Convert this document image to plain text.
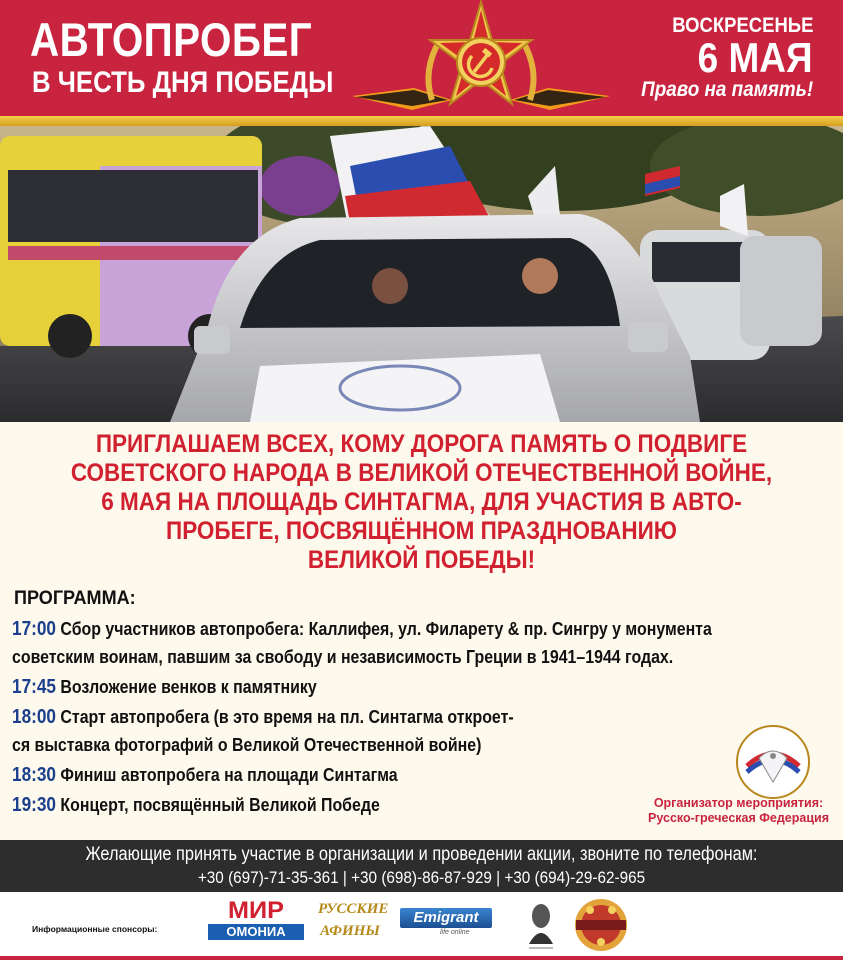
АВТОПРОБЕГ
В ЧЕСТЬ ДНЯ ПОБЕДЫ
ВОСКРЕСЕНЬЕ
6 МАЯ
Право на память!
ПРИГЛАШАЕМ ВСЕХ, КОМУ ДОРОГА ПАМЯТЬ О ПОДВИГЕ
СОВЕТСКОГО НАРОДА В ВЕЛИКОЙ ОТЕЧЕСТВЕННОЙ ВОЙНЕ,
6 МАЯ НА ПЛОЩАДЬ СИНТАГМА, ДЛЯ УЧАСТИЯ В АВТО-
ПРОБЕГЕ, ПОСВЯЩЁННОМ ПРАЗДНОВАНИЮ
ВЕЛИКОЙ ПОБЕДЫ!
ПРОГРАММА:
17:00 Сбор участников автопробега: Каллифея, ул. Филарету & пр. Сингру у монумента
советским воинам, павшим за свободу и независимость Греции в 1941–1944 годах.
17:45 Возложение венков к памятнику
18:00 Старт автопробега (в это время на пл. Синтагма откроет-
ся выставка фотографий о Великой Отечественной войне)
18:30 Финиш автопробега на площади Синтагма
19:30 Концерт, посвящённый Великой Победе	Организатор мероприятия:
Русско-греческая Федерация
Желающие принять участие в организации и проведении акции, звоните по телефонам:
+30 (697)-71-35-361 | +30 (698)-86-87-929 | +30 (694)-29-62-965
Информационные спонсоры:
МИР
ОМОНИА
РУССКИЕ
АФИНЫ
Emigrant
life online
